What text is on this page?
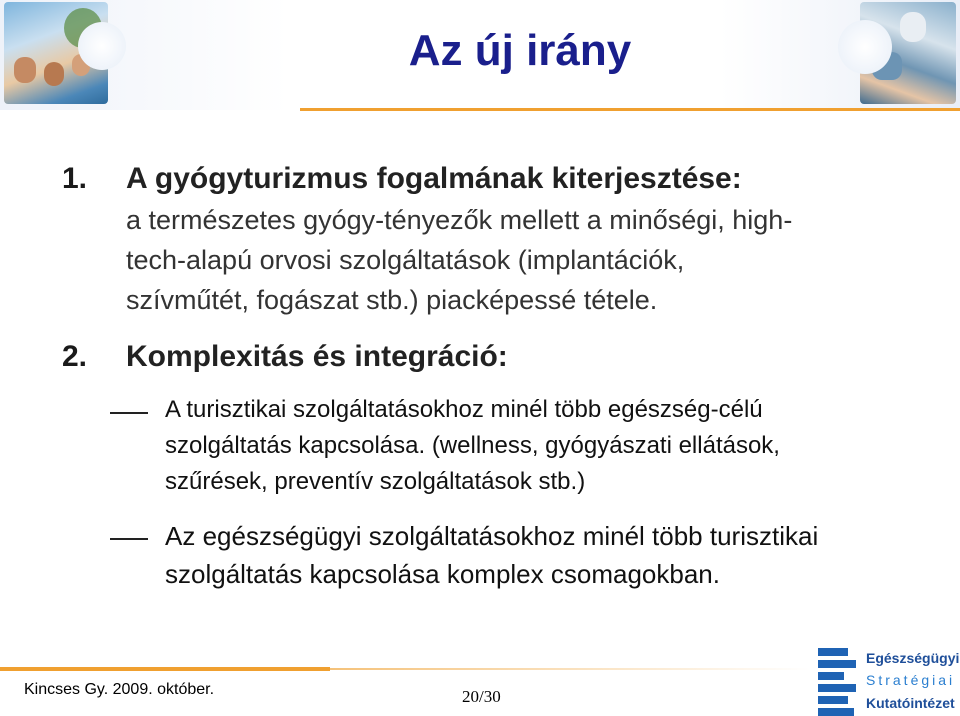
Az új irány
1. A gyógyturizmus fogalmának kiterjesztése:
a természetes gyógy-tényezők mellett a minőségi, high-
tech-alapú orvosi szolgáltatások (implantációk,
szívműtét, fogászat stb.) piacképessé tétele.
2. Komplexitás és integráció:
A turisztikai szolgáltatásokhoz minél több egészség-célú
szolgáltatás kapcsolása. (wellness, gyógyászati ellátások,
szűrések, preventív szolgáltatások stb.)
Az egészségügyi szolgáltatásokhoz minél több turisztikai
szolgáltatás kapcsolása komplex csomagokban.
Kincses Gy. 2009. október.	20/30
Egészségügyi
Stratégiai
Kutatóintézet
